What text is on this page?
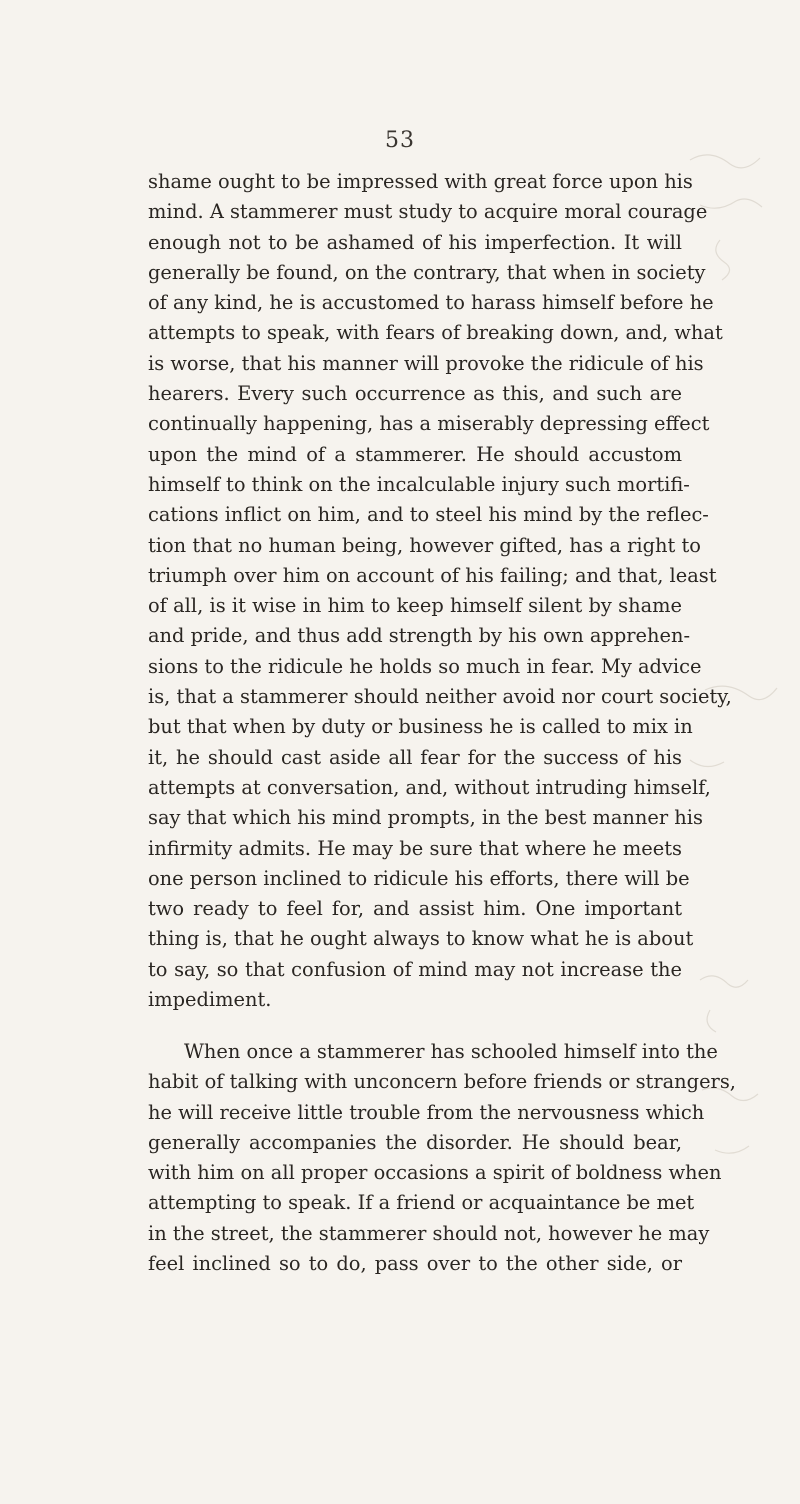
53
shame ought to be impressed with great force upon his
mind. A stammerer must study to acquire moral courage
enough not to be ashamed of his imperfection. It will
generally be found, on the contrary, that when in society
of any kind, he is accustomed to harass himself before he
attempts to speak, with fears of breaking down, and, what
is worse, that his manner will provoke the ridicule of his
hearers. Every such occurrence as this, and such are
continually happening, has a miserably depressing effect
upon the mind of a stammerer. He should accustom
himself to think on the incalculable injury such mortifi-
cations inflict on him, and to steel his mind by the reflec-
tion that no human being, however gifted, has a right to
triumph over him on account of his failing; and that, least
of all, is it wise in him to keep himself silent by shame
and pride, and thus add strength by his own apprehen-
sions to the ridicule he holds so much in fear. My advice
is, that a stammerer should neither avoid nor court society,
but that when by duty or business he is called to mix in
it, he should cast aside all fear for the success of his
attempts at conversation, and, without intruding himself,
say that which his mind prompts, in the best manner his
infirmity admits. He may be sure that where he meets
one person inclined to ridicule his efforts, there will be
two ready to feel for, and assist him. One important
thing is, that he ought always to know what he is about
to say, so that confusion of mind may not increase the
impediment.
When once a stammerer has schooled himself into the
habit of talking with unconcern before friends or strangers,
he will receive little trouble from the nervousness which
generally accompanies the disorder. He should bear,
with him on all proper occasions a spirit of boldness when
attempting to speak. If a friend or acquaintance be met
in the street, the stammerer should not, however he may
feel inclined so to do, pass over to the other side, or
